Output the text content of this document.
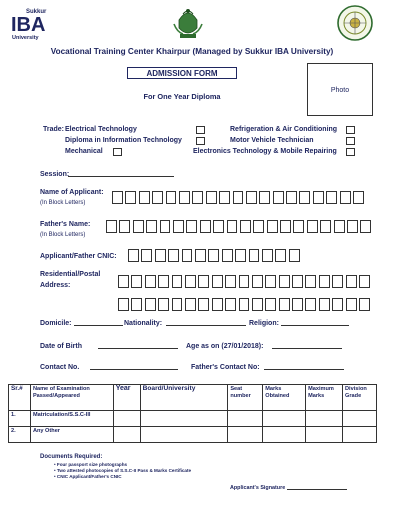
Sukkur
IBA
University
Vocational Training Center Khairpur (Managed by Sukkur IBA University)
ADMISSION FORM
For One Year Diploma
Photo
Trade: Electrical Technology
Diploma in Information Technology
Mechanical
Refrigeration & Air Conditioning
Motor Vehicle Technician
Electronics Technology & Mobile Repairing
Session:
Name of Applicant:
(In Block Letters)
Father's Name:
(In Block Letters)
Applicant/Father CNIC:
Residential/Postal
Address:
Domicile:	Nationality:	Religion:
Date of Birth	Age as on (27/01/2018):
Contact No.	Father's Contact No:
Sr.#	Name of Examination Passed/Appeared	Year	Board/University	Seat number	Marks Obtained	Maximum Marks	Division Grade
1.	Matriculation/S.S.C-III						
2.	Any Other						
Documents Required:
• Four passport size photographs
• Two attested photocopies of S.S.C-II Pass & Marks Certificate
• CNIC Applicant/Father's CNIC
Applicant's Signature
